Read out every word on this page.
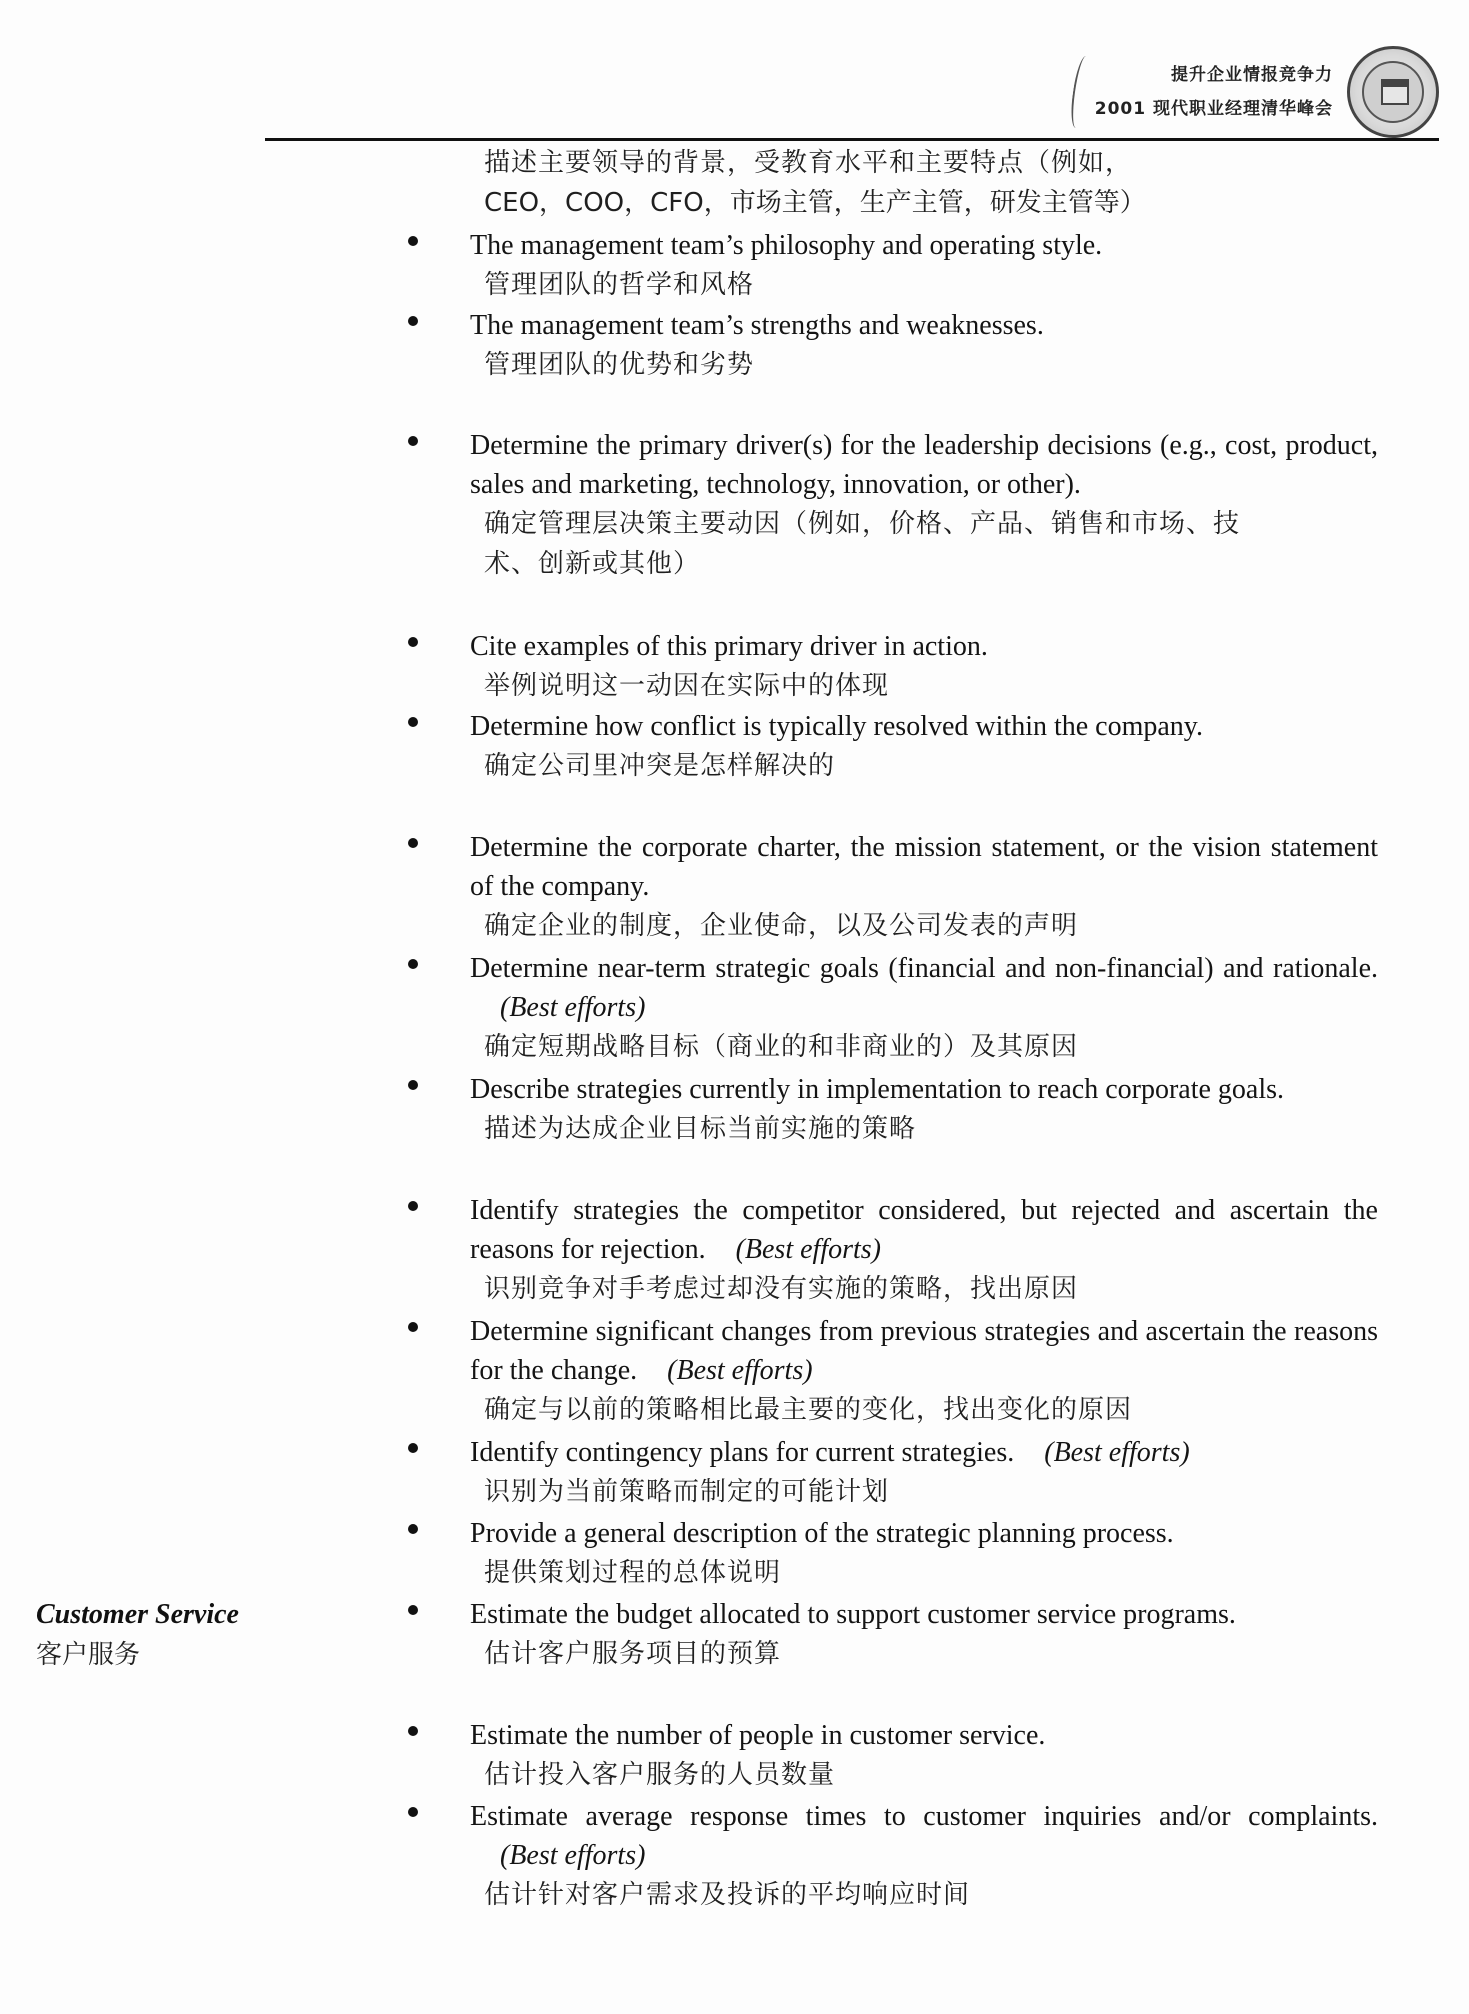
提升企业情报竞争力
2001 现代职业经理清华峰会
描述主要领导的背景，受教育水平和主要特点（例如，
CEO，COO，CFO，市场主管，生产主管，研发主管等）
The management team’s philosophy and operating style.
管理团队的哲学和风格
The management team’s strengths and weaknesses.
管理团队的优势和劣势
Determine the primary driver(s) for the leadership decisions (e.g., cost, product, sales and marketing, technology, innovation, or other).
确定管理层决策主要动因（例如，价格、产品、销售和市场、技术、创新或其他）
Cite examples of this primary driver in action.
举例说明这一动因在实际中的体现
Determine how conflict is typically resolved within the company.
确定公司里冲突是怎样解决的
Determine the corporate charter, the mission statement, or the vision statement of the company.
确定企业的制度，企业使命，以及公司发表的声明
Determine near-term strategic goals (financial and non-financial) and rationale.(Best efforts)
确定短期战略目标（商业的和非商业的）及其原因
Describe strategies currently in implementation to reach corporate goals.
描述为达成企业目标当前实施的策略
Identify strategies the competitor considered, but rejected and ascertain the reasons for rejection. (Best efforts)
识别竞争对手考虑过却没有实施的策略，找出原因
Determine significant changes from previous strategies and ascertain the reasons for the change. (Best efforts)
确定与以前的策略相比最主要的变化，找出变化的原因
Identify contingency plans for current strategies. (Best efforts)
识别为当前策略而制定的可能计划
Provide a general description of the strategic planning process.
提供策划过程的总体说明
Estimate the budget allocated to support customer service programs.
估计客户服务项目的预算
Estimate the number of people in customer service.
估计投入客户服务的人员数量
Estimate average response times to customer inquiries and/or complaints.(Best efforts)
估计针对客户需求及投诉的平均响应时间
Customer Service
客户服务
